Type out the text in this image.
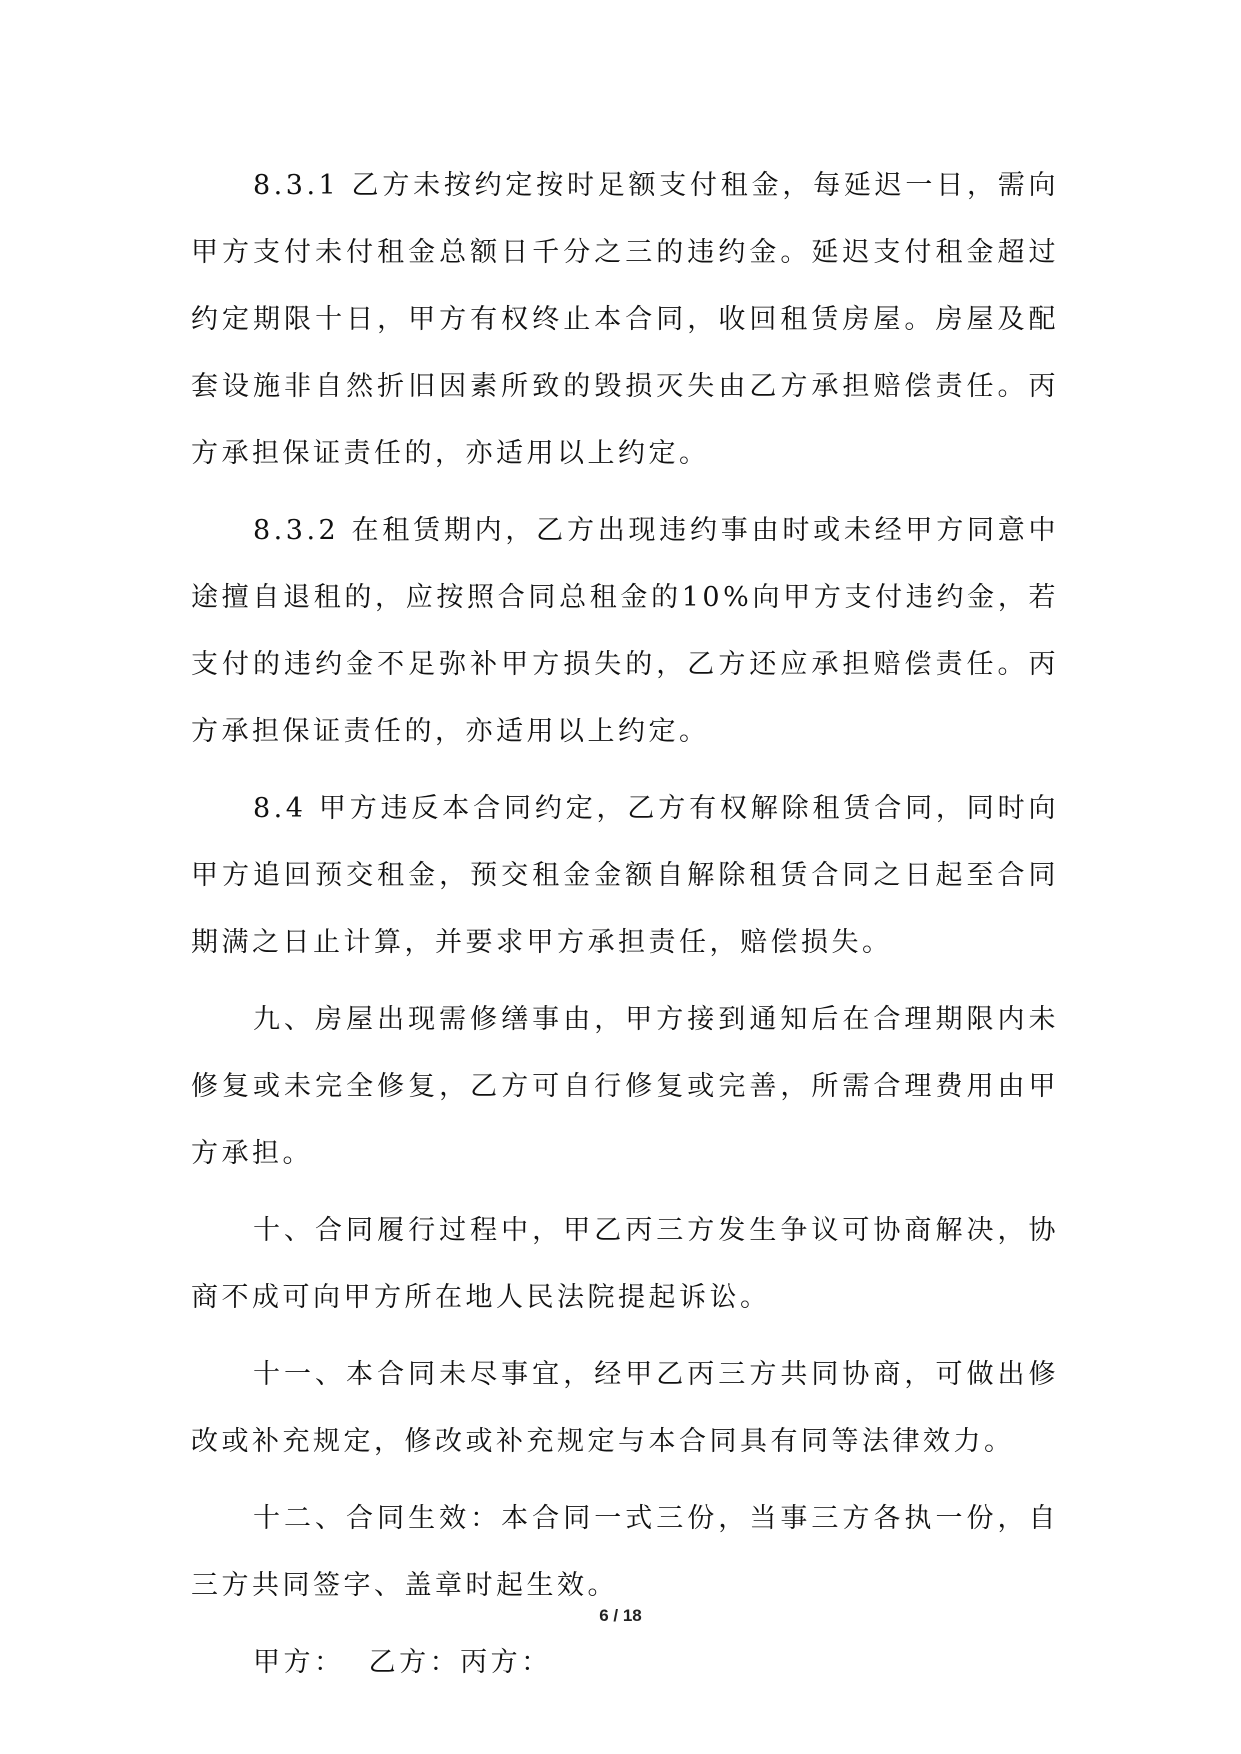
8.3.1 乙方未按约定按时足额支付租金，每延迟一日，需向甲方支付未付租金总额日千分之三的违约金。延迟支付租金超过约定期限十日，甲方有权终止本合同，收回租赁房屋。房屋及配套设施非自然折旧因素所致的毁损灭失由乙方承担赔偿责任。丙方承担保证责任的，亦适用以上约定。

8.3.2 在租赁期内，乙方出现违约事由时或未经甲方同意中途擅自退租的，应按照合同总租金的10%向甲方支付违约金，若支付的违约金不足弥补甲方损失的，乙方还应承担赔偿责任。丙方承担保证责任的，亦适用以上约定。

8.4 甲方违反本合同约定，乙方有权解除租赁合同，同时向甲方追回预交租金，预交租金金额自解除租赁合同之日起至合同期满之日止计算，并要求甲方承担责任，赔偿损失。

九、房屋出现需修缮事由，甲方接到通知后在合理期限内未修复或未完全修复，乙方可自行修复或完善，所需合理费用由甲方承担。

十、合同履行过程中，甲乙丙三方发生争议可协商解决，协商不成可向甲方所在地人民法院提起诉讼。

十一、本合同未尽事宜，经甲乙丙三方共同协商，可做出修改或补充规定，修改或补充规定与本合同具有同等法律效力。

十二、合同生效：本合同一式三份，当事三方各执一份，自三方共同签字、盖章时起生效。

甲方：  乙方：丙方：

6 / 18
